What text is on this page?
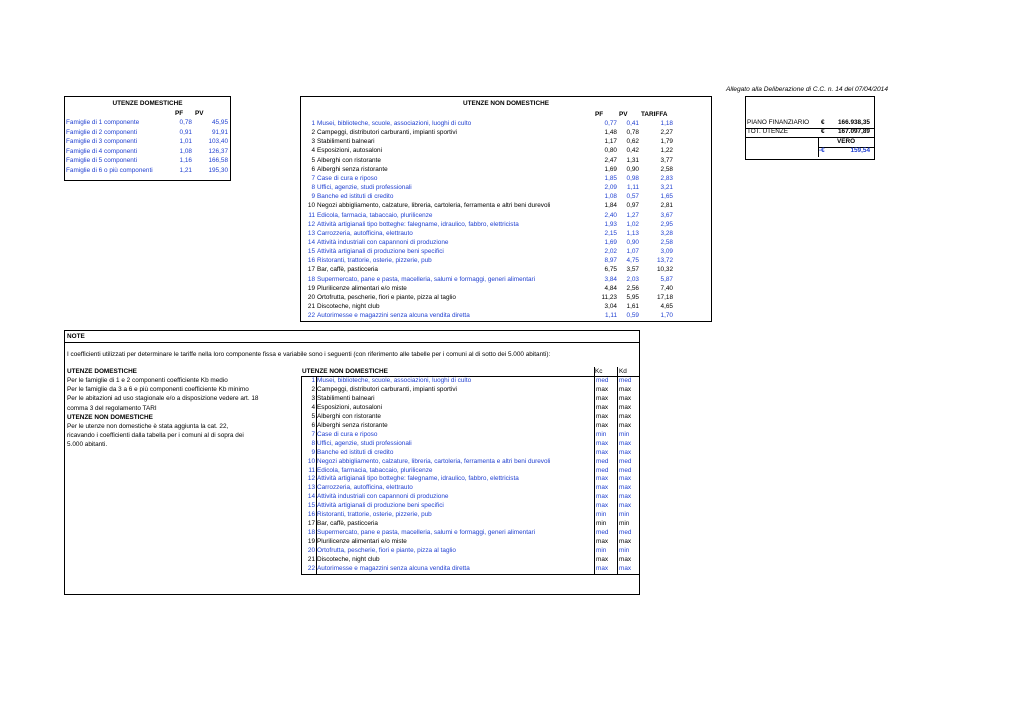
Allegato alla Deliberazione di C.C. n. 14 del 07/04/2014
UTENZE DOMESTICHE
PF PV
Famiglie di 1 componente	0,78	45,95
Famiglie di 2 componenti	0,91	91,91
Famiglie di 3 componenti	1,01	103,40
Famiglie di 4 componenti	1,08	126,37
Famiglie di 5 componenti	1,16	166,58
Famiglie di 6 o più componenti	1,21	195,30
UTENZE NON DOMESTICHE
PF PV TARIFFA
1 Musei, biblioteche, scuole, associazioni, luoghi di culto	0,77	0,41	1,18
2 Campeggi, distributori carburanti, impianti sportivi	1,48	0,78	2,27
3 Stabilimenti balneari	1,17	0,62	1,79
4 Esposizioni, autosaloni	0,80	0,42	1,22
5 Alberghi con ristorante	2,47	1,31	3,77
6 Alberghi senza ristorante	1,69	0,90	2,58
7 Case di cura e riposo	1,85	0,98	2,83
8 Uffici, agenzie, studi professionali	2,09	1,11	3,21
9 Banche ed istituti di credito	1,08	0,57	1,65
10 Negozi abbigliamento, calzature, libreria, cartoleria, ferramenta e altri beni durevoli	1,84	0,97	2,81
11 Edicola, farmacia, tabaccaio, plurilicenze	2,40	1,27	3,67
12 Attività artigianali tipo botteghe: falegname, idraulico, fabbro, elettricista	1,93	1,02	2,95
13 Carrozzeria, autofficina, elettrauto	2,15	1,13	3,28
14 Attività industriali con capannoni di produzione	1,69	0,90	2,58
15 Attività artigianali di produzione beni specifici	2,02	1,07	3,09
16 Ristoranti, trattorie, osterie, pizzerie, pub	8,97	4,75	13,72
17 Bar, caffè, pasticceria	6,75	3,57	10,32
18 Supermercato, pane e pasta, macelleria, salumi e formaggi, generi alimentari	3,84	2,03	5,87
19 Plurilicenze alimentari e/o miste	4,84	2,56	7,40
20 Ortofrutta, pescherie, fiori e piante, pizza al taglio	11,23	5,95	17,18
21 Discoteche, night club	3,04	1,61	4,65
22 Autorimesse e magazzini senza alcuna vendita diretta	1,11	0,59	1,70
PIANO FINANZIARIO €	166.938,35
TOT. UTENZE	€	167.097,89
VERO
-€	159,54
NOTE
I coefficienti utilizzati per determinare le tariffe nella loro componente fissa e variabile sono i seguenti (con riferimento alle tabelle per i comuni al di sotto dei 5.000 abitanti):
UTENZE DOMESTICHE
Per le famiglie di 1 e 2 componenti coefficiente Kb medio
Per le famiglie da 3 a 6 e più componenti coefficiente Kb minimo
Per le abitazioni ad uso stagionale e/o a disposizione vedere art. 18
comma 3 del regolamento TARI
UTENZE NON DOMESTICHE
Per le utenze non domestiche è stata aggiunta la cat. 22,
ricavando i coefficienti dalla tabella per i comuni al di sopra dei
5.000 abitanti.
UTENZE NON DOMESTICHE	Kc	Kd
1 Musei, biblioteche, scuole, associazioni, luoghi di culto	med	med
2 Campeggi, distributori carburanti, impianti sportivi	max	max
3 Stabilimenti balneari	max	max
4 Esposizioni, autosaloni	max	max
5 Alberghi con ristorante	max	max
6 Alberghi senza ristorante	max	max
7 Case di cura e riposo	min	min
8 Uffici, agenzie, studi professionali	max	max
9 Banche ed istituti di credito	max	max
10 Negozi abbigliamento, calzature, libreria, cartoleria, ferramenta e altri beni durevoli	med	med
11 Edicola, farmacia, tabaccaio, plurilicenze	med	med
12 Attività artigianali tipo botteghe: falegname, idraulico, fabbro, elettricista	max	max
13 Carrozzeria, autofficina, elettrauto	max	max
14 Attività industriali con capannoni di produzione	max	max
15 Attività artigianali di produzione beni specifici	max	max
16 Ristoranti, trattorie, osterie, pizzerie, pub	min	min
17 Bar, caffè, pasticceria	min	min
18 Supermercato, pane e pasta, macelleria, salumi e formaggi, generi alimentari	med	med
19 Plurilicenze alimentari e/o miste	max	max
20 Ortofrutta, pescherie, fiori e piante, pizza al taglio	min	min
21 Discoteche, night club	max	max
22 Autorimesse e magazzini senza alcuna vendita diretta	max	max
